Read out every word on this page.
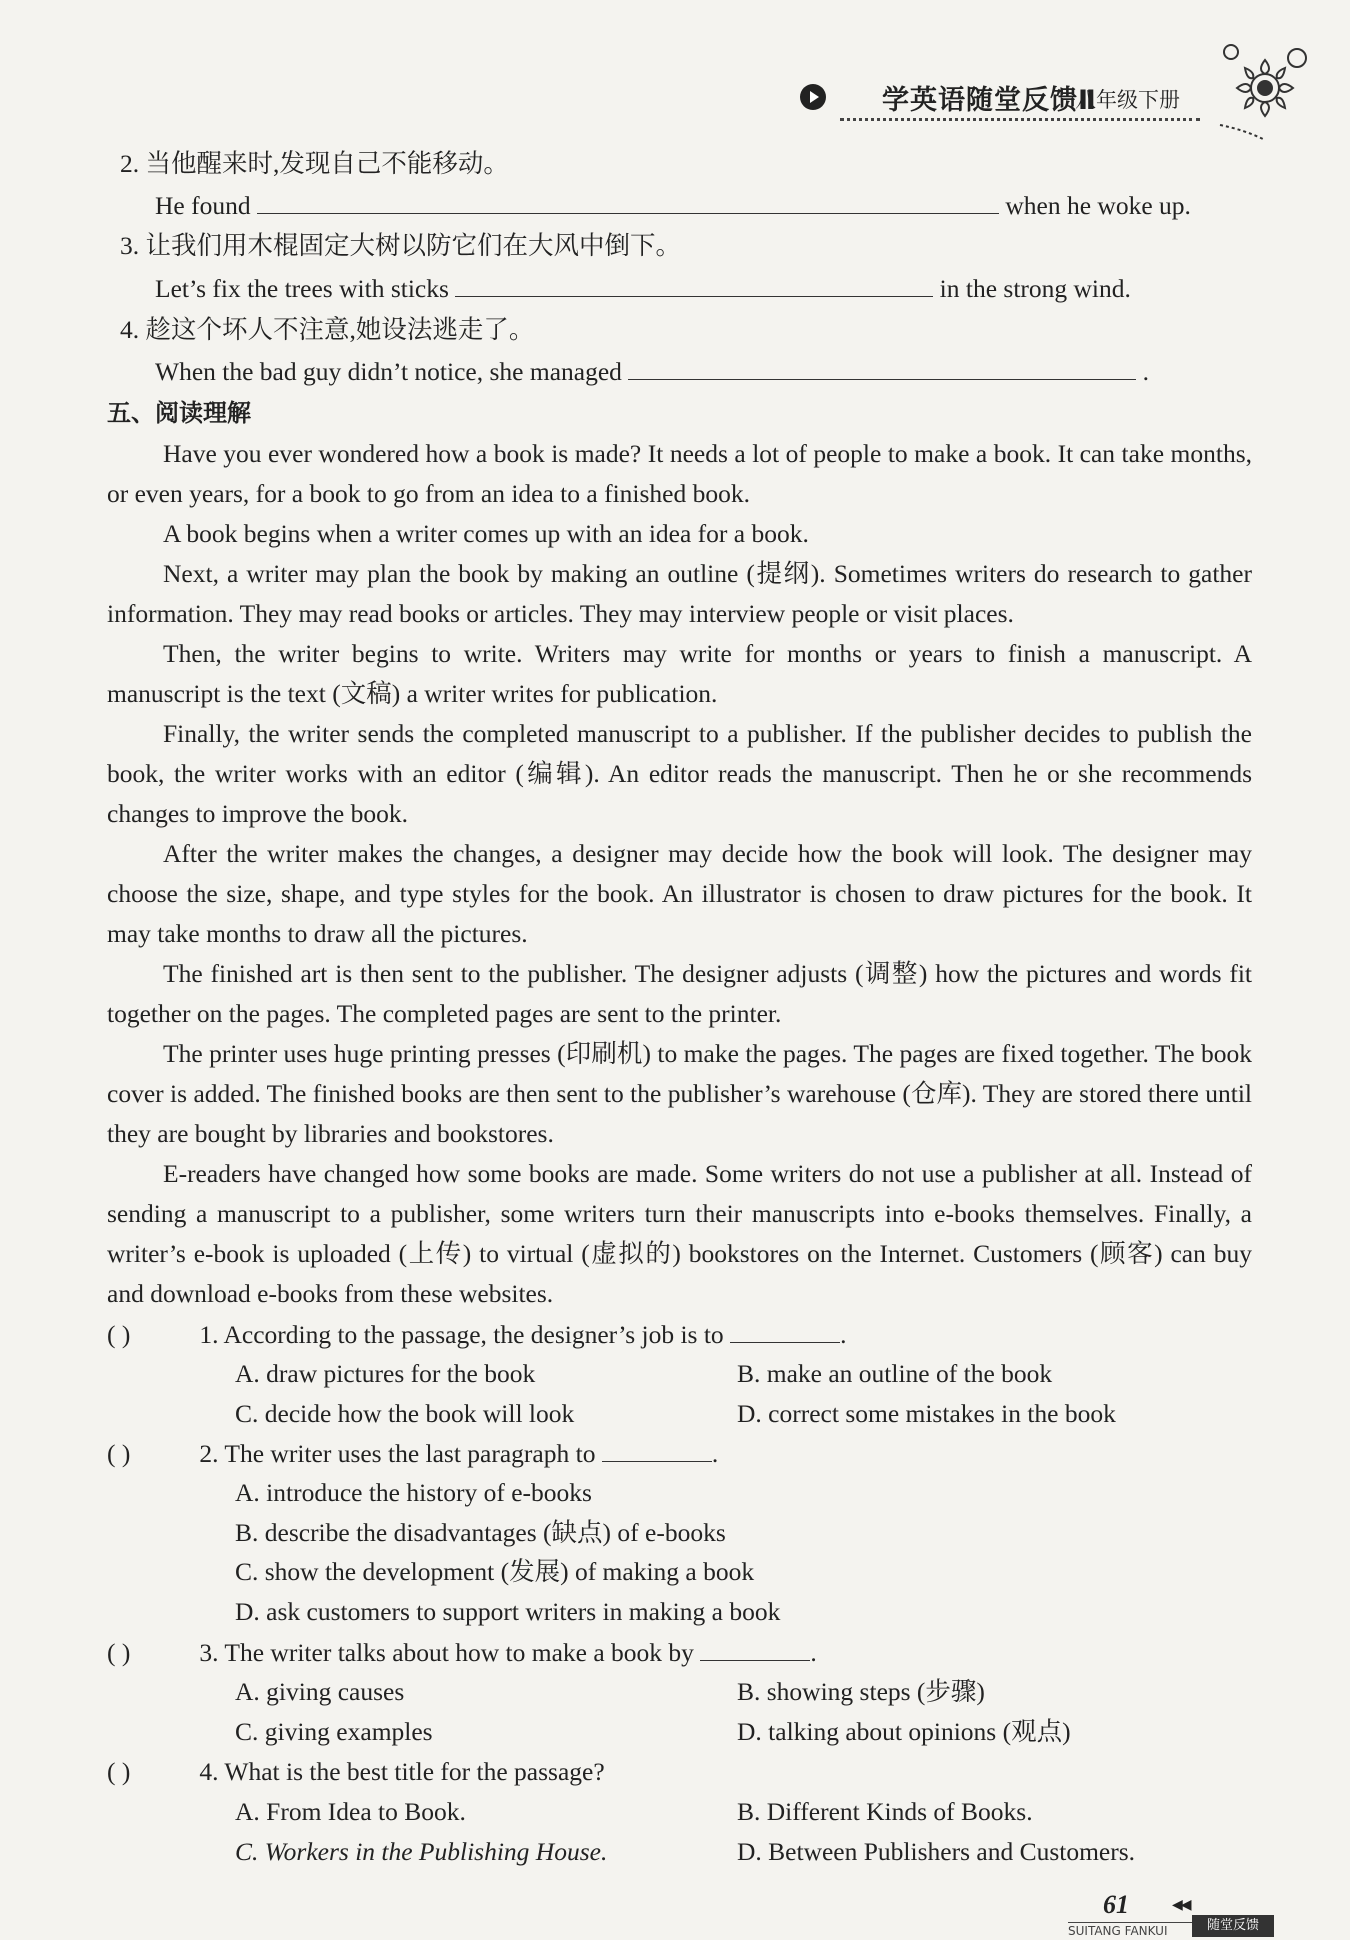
学英语随堂反馈Ⅱ
八年级下册
2. 当他醒来时,发现自己不能移动。
He found	when he woke up.
3. 让我们用木棍固定大树以防它们在大风中倒下。
Let’s fix the trees with sticks	in the strong wind.
4. 趁这个坏人不注意,她设法逃走了。
When the bad guy didn’t notice, she managed	.
五、阅读理解
Have you ever wondered how a book is made? It needs a lot of people to make a book. It can take months, or even years, for a book to go from an idea to a finished book.
A book begins when a writer comes up with an idea for a book.
Next, a writer may plan the book by making an outline (提纲). Sometimes writers do research to gather information. They may read books or articles. They may interview people or visit places.
Then, the writer begins to write. Writers may write for months or years to finish a manuscript. A manuscript is the text (文稿) a writer writes for publication.
Finally, the writer sends the completed manuscript to a publisher. If the publisher decides to publish the book, the writer works with an editor (编辑). An editor reads the manuscript. Then he or she recommends changes to improve the book.
After the writer makes the changes, a designer may decide how the book will look. The designer may choose the size, shape, and type styles for the book. An illustrator is chosen to draw pictures for the book. It may take months to draw all the pictures.
The finished art is then sent to the publisher. The designer adjusts (调整) how the pictures and words fit together on the pages. The completed pages are sent to the printer.
The printer uses huge printing presses (印刷机) to make the pages. The pages are fixed together. The book cover is added. The finished books are then sent to the publisher’s warehouse (仓库). They are stored there until they are bought by libraries and bookstores.
E-readers have changed how some books are made. Some writers do not use a publisher at all. Instead of sending a manuscript to a publisher, some writers turn their manuscripts into e-books themselves. Finally, a writer’s e-book is uploaded (上传) to virtual (虚拟的) bookstores on the Internet. Customers (顾客) can buy and download e-books from these websites.
( )	1. According to the passage, the designer’s job is to	.
A. draw pictures for the book	B. make an outline of the book
C. decide how the book will look	D. correct some mistakes in the book
( )	2. The writer uses the last paragraph to	.
A. introduce the history of e-books
B. describe the disadvantages (缺点) of e-books
C. show the development (发展) of making a book
D. ask customers to support writers in making a book
( )	3. The writer talks about how to make a book by	.
A. giving causes	B. showing steps (步骤)
C. giving examples	D. talking about opinions (观点)
( )	4. What is the best title for the passage?
A. From Idea to Book.	B. Different Kinds of Books.
C. Workers in the Publishing House.	D. Between Publishers and Customers.
61	◀◀
SUITANG FANKUI	随堂反馈
